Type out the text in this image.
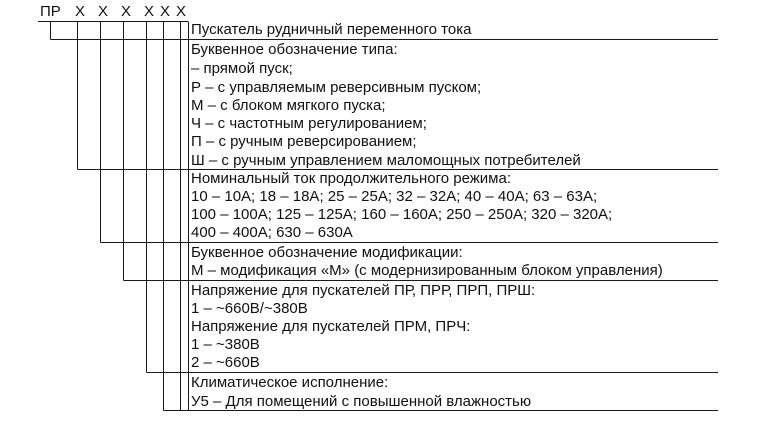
ПР Х Х Х Х Х Х
Пускатель рудничный переменного тока
Буквенное обозначение типа:
– прямой пуск;
Р – с управляемым реверсивным пуском;
М – с блоком мягкого пуска;
Ч – с частотным регулированием;
П – с ручным реверсированием;
Ш – с ручным управлением маломощных потребителей
Номинальный ток продолжительного режима:
10 – 10А; 18 – 18А; 25 – 25А; 32 – 32А; 40 – 40А; 63 – 63А;
100 – 100А; 125 – 125А; 160 – 160А; 250 – 250А; 320 – 320А;
400 – 400А; 630 – 630А
Буквенное обозначение модификации:
М – модификация «М» (с модернизированным блоком управления)
Напряжение для пускателей ПР, ПРР, ПРП, ПРШ:
1 – ~660В/~380В
Напряжение для пускателей ПРМ, ПРЧ:
1 – ~380В
2 – ~660В
Климатическое исполнение:
У5 – Для помещений с повышенной влажностью
